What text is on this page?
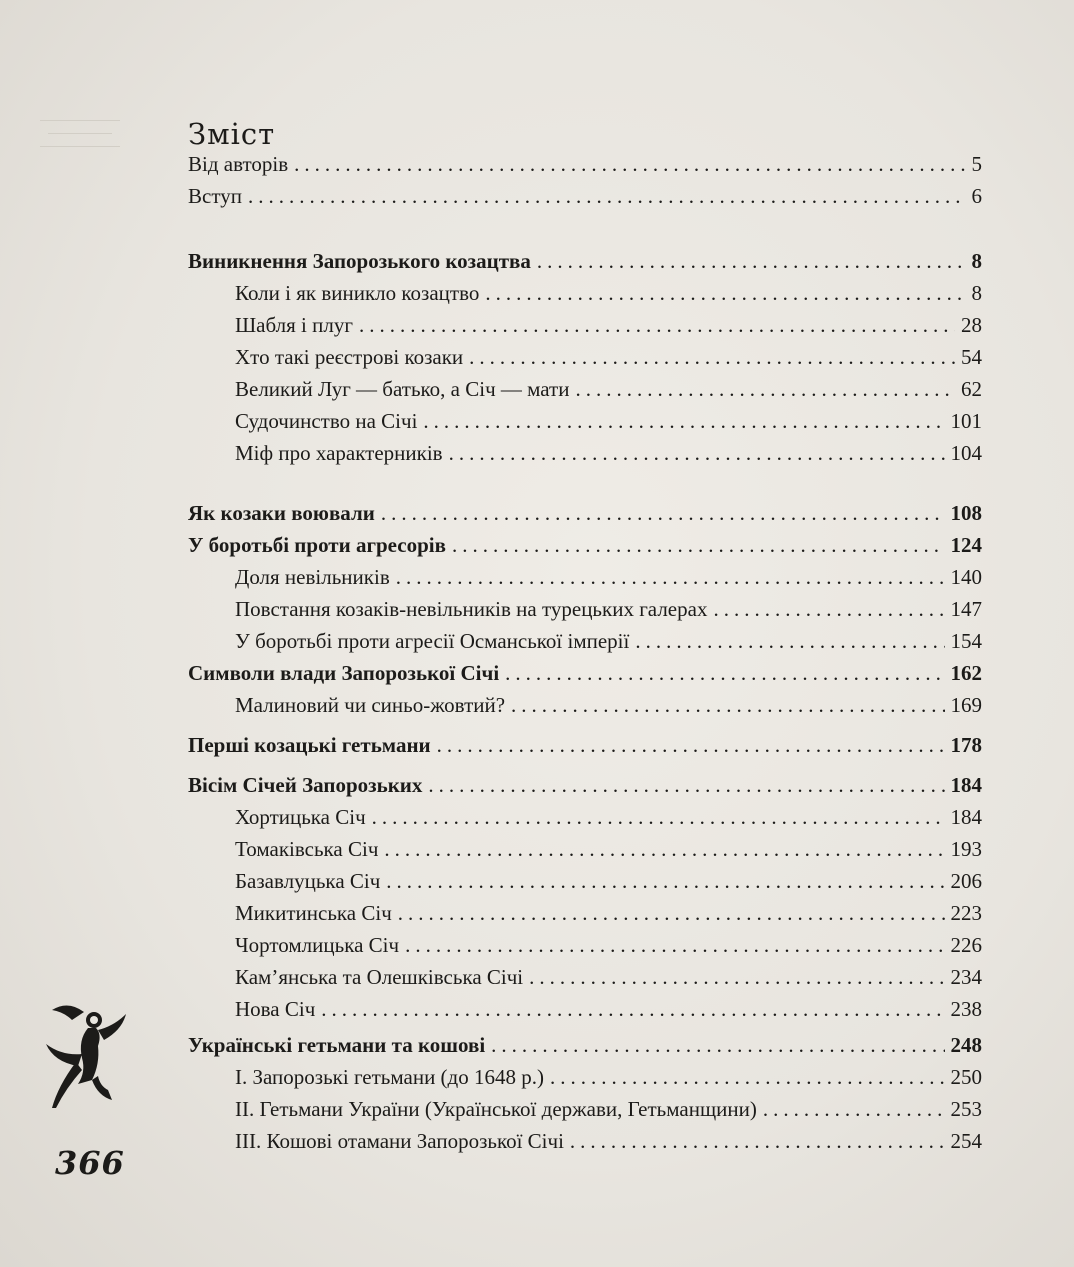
Зміст
Від авторів .....	5
Вступ .....	6
Виникнення Запорозького козацтва .....	8
Коли і як виникло козацтво .....	8
Шабля і плуг .....	28
Хто такі реєстрові козаки .....	54
Великий Луг — батько, а Січ — мати .....	62
Судочинство на Січі .....	101
Міф про характерників .....	104
Як козаки воювали .....	108
У боротьбі проти агресорів .....	124
Доля невільників .....	140
Повстання козаків-невільників на турецьких галерах .....	147
У боротьбі проти агресії Османської імперії .....	154
Символи влади Запорозької Січі .....	162
Малиновий чи синьо-жовтий? .....	169
Перші козацькі гетьмани .....	178
Вісім Січей Запорозьких .....	184
Хортицька Січ .....	184
Томаківська Січ .....	193
Базавлуцька Січ .....	206
Микитинська Січ .....	223
Чортомлицька Січ .....	226
Кам’янська та Олешківська Січі .....	234
Нова Січ .....	238
Українські гетьмани та кошові .....	248
I. Запорозькі гетьмани (до 1648 р.) .....	250
II. Гетьмани України (Української держави, Гетьманщини) .....	253
III. Кошові отамани Запорозької Січі .....	254
366
